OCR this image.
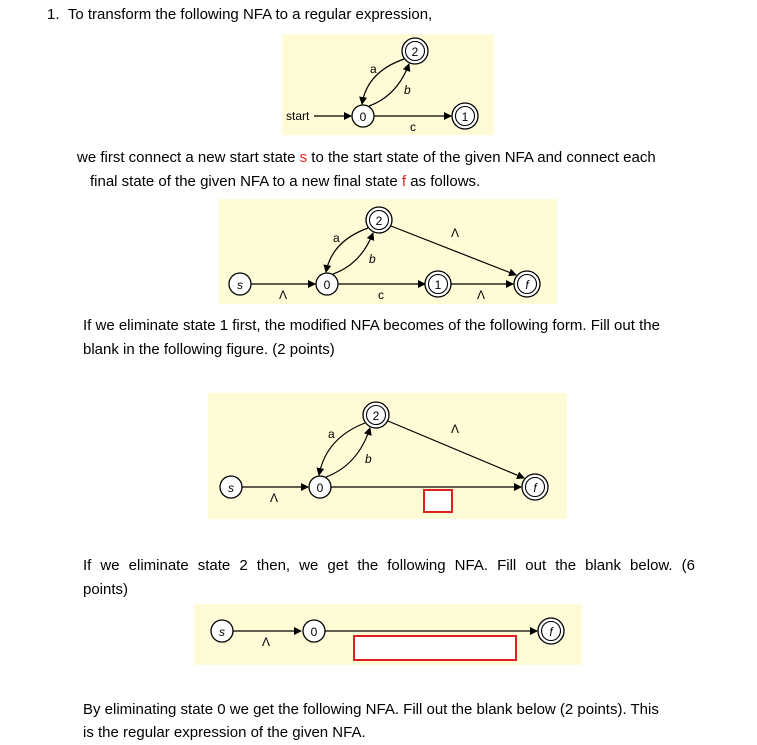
1. To transform the following NFA to a regular expression,

start	0
c
1
2
a
b

we first connect a new start state s to the start state of the given NFA and connect each

final state of the given NFA to a new final state f as follows.

s
Λ
0
c
1
Λ
f
2
a
b
Λ

If we eliminate state 1 first, the modified NFA becomes of the following form. Fill out the

blank in the following figure. (2 points)

s
Λ
0	f
2
a
b
Λ

If we eliminate state 2 then, we get the following NFA. Fill out the blank below. (6

points)

s
Λ
0	f

By eliminating state 0 we get the following NFA. Fill out the blank below (2 points). This

is the regular expression of the given NFA.
